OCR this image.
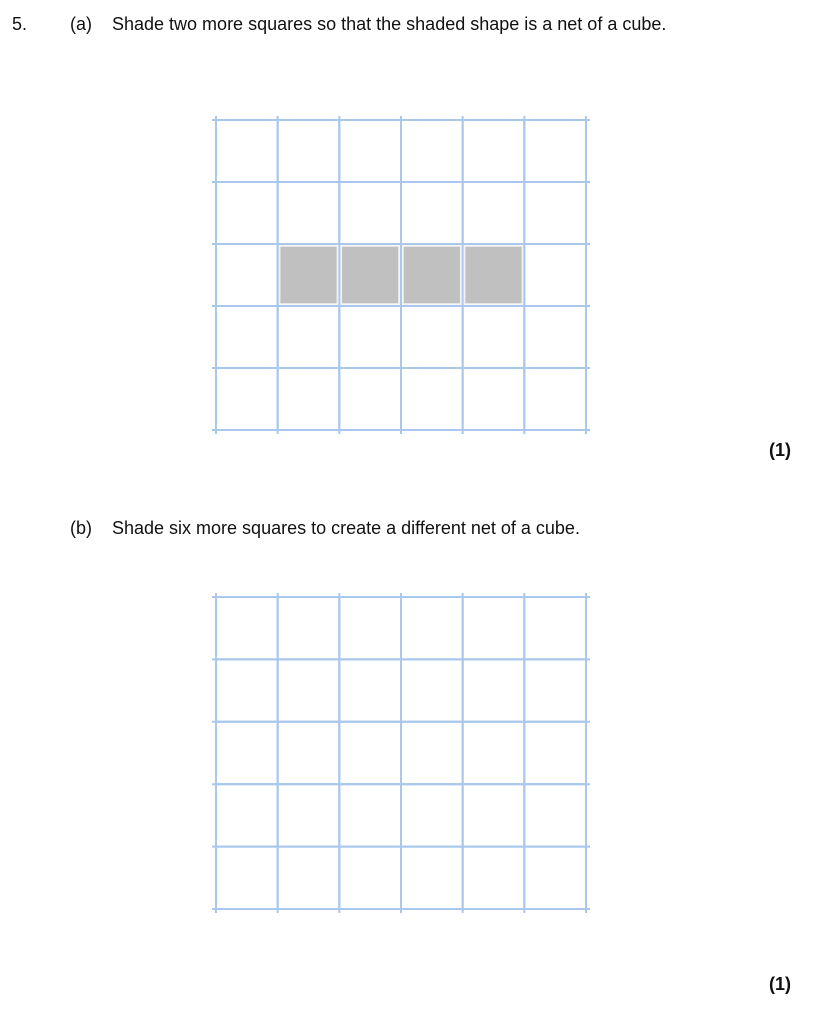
5. (a) Shade two more squares so that the shaded shape is a net of a cube.
(1)
(b) Shade six more squares to create a different net of a cube.
(1)
